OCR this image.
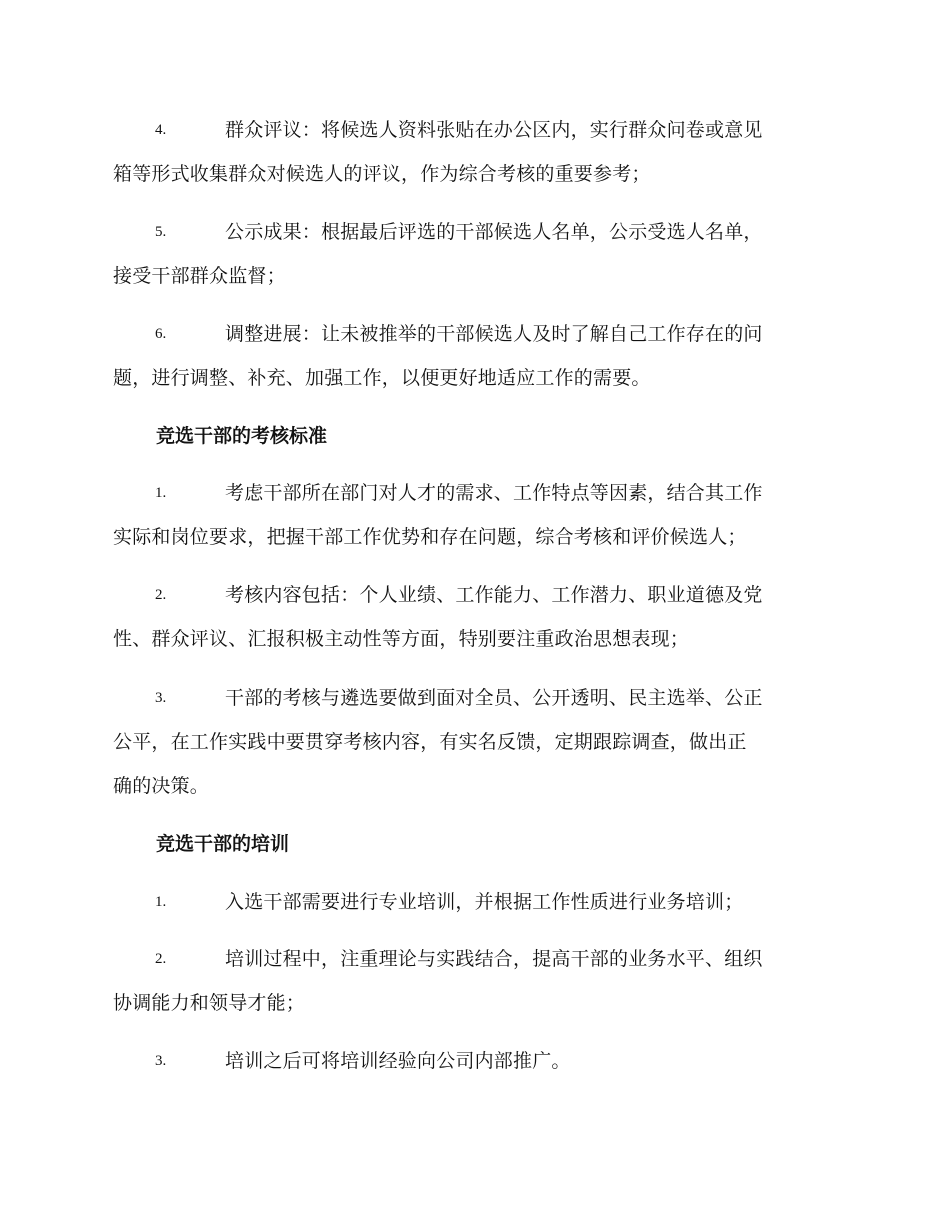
4.	群众评议：将候选人资料张贴在办公区内，实行群众问卷或意见
箱等形式收集群众对候选人的评议，作为综合考核的重要参考；
5.	公示成果：根据最后评选的干部候选人名单，公示受选人名单，
接受干部群众监督；
6.	调整进展：让未被推举的干部候选人及时了解自己工作存在的问
题，进行调整、补充、加强工作，以便更好地适应工作的需要。
竞选干部的考核标准
1.	考虑干部所在部门对人才的需求、工作特点等因素，结合其工作
实际和岗位要求，把握干部工作优势和存在问题，综合考核和评价候选人；
2.	考核内容包括：个人业绩、工作能力、工作潜力、职业道德及党
性、群众评议、汇报积极主动性等方面，特别要注重政治思想表现；
3.	干部的考核与遴选要做到面对全员、公开透明、民主选举、公正
公平，在工作实践中要贯穿考核内容，有实名反馈，定期跟踪调查，做出正
确的决策。
竞选干部的培训
1.	入选干部需要进行专业培训，并根据工作性质进行业务培训；
2.	培训过程中，注重理论与实践结合，提高干部的业务水平、组织
协调能力和领导才能；
3.	培训之后可将培训经验向公司内部推广。
